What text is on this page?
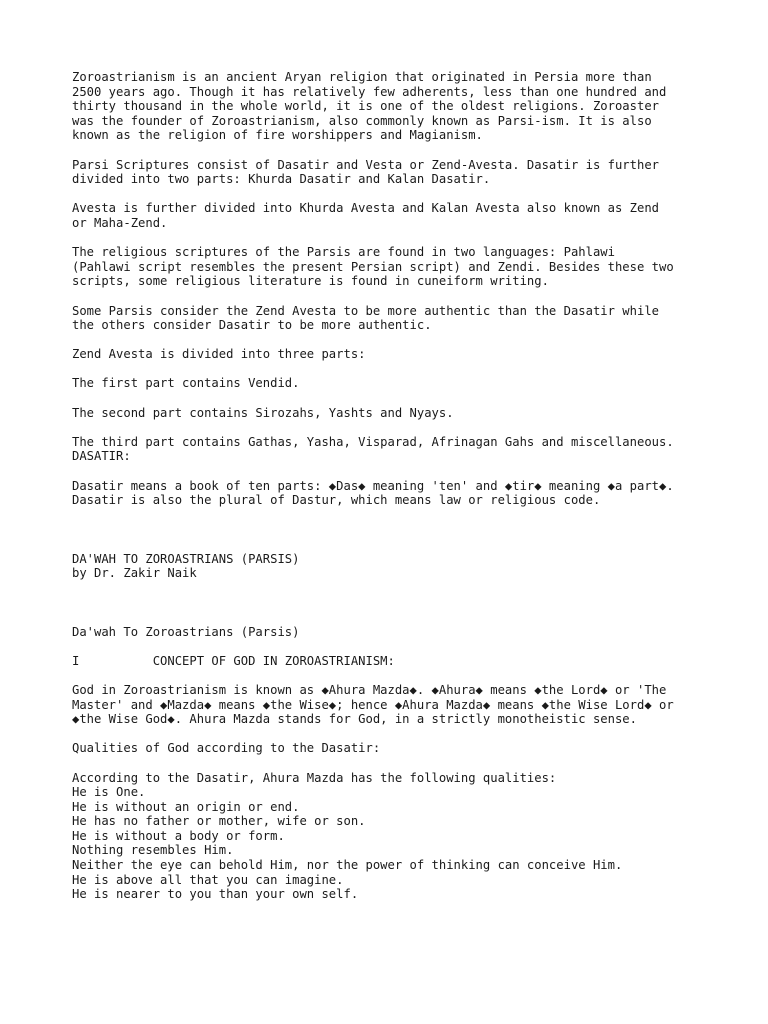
Zoroastrianism is an ancient Aryan religion that originated in Persia more than
2500 years ago. Though it has relatively few adherents, less than one hundred and
thirty thousand in the whole world, it is one of the oldest religions. Zoroaster
was the founder of Zoroastrianism, also commonly known as Parsi-ism. It is also
known as the religion of fire worshippers and Magianism.
Parsi Scriptures consist of Dasatir and Vesta or Zend-Avesta. Dasatir is further
divided into two parts: Khurda Dasatir and Kalan Dasatir.
Avesta is further divided into Khurda Avesta and Kalan Avesta also known as Zend
or Maha-Zend.
The religious scriptures of the Parsis are found in two languages: Pahlawi
(Pahlawi script resembles the present Persian script) and Zendi. Besides these two
scripts, some religious literature is found in cuneiform writing.
Some Parsis consider the Zend Avesta to be more authentic than the Dasatir while
the others consider Dasatir to be more authentic.
Zend Avesta is divided into three parts:
The first part contains Vendid.
The second part contains Sirozahs, Yashts and Nyays.
The third part contains Gathas, Yasha, Visparad, Afrinagan Gahs and miscellaneous.
DASATIR:
Dasatir means a book of ten parts: ◆Das◆ meaning 'ten' and ◆tir◆ meaning ◆a part◆.
Dasatir is also the plural of Dastur, which means law or religious code.
DA'WAH TO ZOROASTRIANS (PARSIS)
by Dr. Zakir Naik
Da'wah To Zoroastrians (Parsis)
I          CONCEPT OF GOD IN ZOROASTRIANISM:
God in Zoroastrianism is known as ◆Ahura Mazda◆. ◆Ahura◆ means ◆the Lord◆ or 'The
Master' and ◆Mazda◆ means ◆the Wise◆; hence ◆Ahura Mazda◆ means ◆the Wise Lord◆ or
◆the Wise God◆. Ahura Mazda stands for God, in a strictly monotheistic sense.
Qualities of God according to the Dasatir:
According to the Dasatir, Ahura Mazda has the following qualities:
He is One.
He is without an origin or end.
He has no father or mother, wife or son.
He is without a body or form.
Nothing resembles Him.
Neither the eye can behold Him, nor the power of thinking can conceive Him.
He is above all that you can imagine.
He is nearer to you than your own self.
